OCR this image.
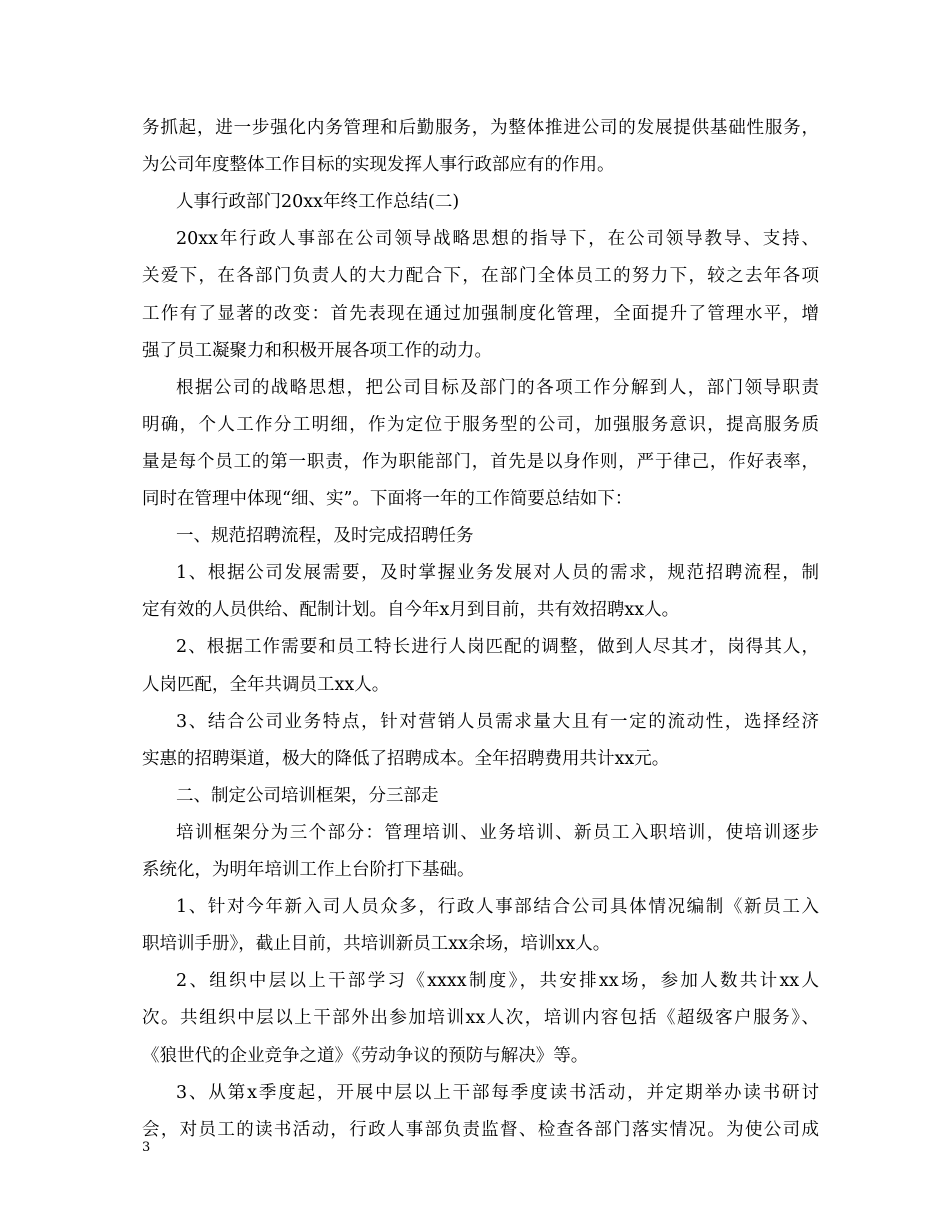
务抓起，进一步强化内务管理和后勤服务，为整体推进公司的发展提供基础性服务，
为公司年度整体工作目标的实现发挥人事行政部应有的作用。
人事行政部门20xx年终工作总结(二)
20xx年行政人事部在公司领导战略思想的指导下，在公司领导教导、支持、
关爱下，在各部门负责人的大力配合下，在部门全体员工的努力下，较之去年各项
工作有了显著的改变：首先表现在通过加强制度化管理，全面提升了管理水平，增
强了员工凝聚力和积极开展各项工作的动力。
根据公司的战略思想，把公司目标及部门的各项工作分解到人，部门领导职责
明确，个人工作分工明细，作为定位于服务型的公司，加强服务意识，提高服务质
量是每个员工的第一职责，作为职能部门，首先是以身作则，严于律己，作好表率，
同时在管理中体现“细、实”。下面将一年的工作简要总结如下：
一、规范招聘流程，及时完成招聘任务
1、根据公司发展需要，及时掌握业务发展对人员的需求，规范招聘流程，制
定有效的人员供给、配制计划。自今年x月到目前，共有效招聘xx人。
2、根据工作需要和员工特长进行人岗匹配的调整，做到人尽其才，岗得其人，
人岗匹配，全年共调员工xx人。
3、结合公司业务特点，针对营销人员需求量大且有一定的流动性，选择经济
实惠的招聘渠道，极大的降低了招聘成本。全年招聘费用共计xx元。
二、制定公司培训框架，分三部走
培训框架分为三个部分：管理培训、业务培训、新员工入职培训，使培训逐步
系统化，为明年培训工作上台阶打下基础。
1、针对今年新入司人员众多，行政人事部结合公司具体情况编制《新员工入
职培训手册》，截止目前，共培训新员工xx余场，培训xx人。
2、组织中层以上干部学习《xxxx制度》，共安排xx场，参加人数共计xx人
次。共组织中层以上干部外出参加培训xx人次，培训内容包括《超级客户服务》、
《狼世代的企业竞争之道》《劳动争议的预防与解决》等。
3、从第x季度起，开展中层以上干部每季度读书活动，并定期举办读书研讨
会，对员工的读书活动，行政人事部负责监督、检查各部门落实情况。为使公司成
3
